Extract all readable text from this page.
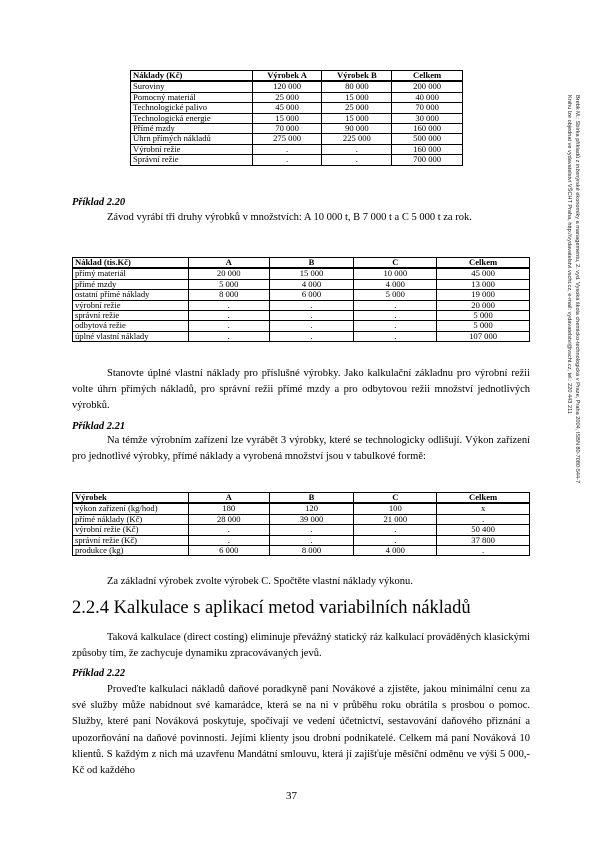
Brebk M.: Sbírka příkladů z inženýrské ekonomiky a managementu, 2. vyd. Vysoká škola chemicko-technologická v Praze, Praha 2004, ISBN 80-7080-544-7
Knihu lze objednat ve vydavatelství VŠCHT Praha, http://vydavatelstvi.vscht.cz, e-mail: vydavatelstvi@vscht.cz, tel.: 220 443 211
Náklady (Kč)	Výrobek A	Výrobek B	Celkem
Suroviny	120 000	80 000	200 000
Pomocný materiál	25 000	15 000	40 000
Technologické palivo	45 000	25 000	70 000
Technologická energie	15 000	15 000	30 000
Přímé mzdy	70 000	90 000	160 000
Úhrn přímých nákladů	275 000	225 000	500 000
Výrobní režie	.	.	160 000
Správní režie	.	.	700 000
Příklad 2.20
Závod vyrábí tři druhy výrobků v množstvích: A 10 000 t, B 7 000 t a C 5 000 t za rok.
Náklad (tis.Kč)	A	B	C	Celkem
přímý materiál	20 000	15 000	10 000	45 000
přímé mzdy	5 000	4 000	4 000	13 000
ostatní přímé náklady	8 000	6 000	5 000	19 000
výrobní režie	.	.	.	20 000
správní režie	.	.	.	5 000
odbytová režie	.	.	.	5 000
úplné vlastní náklady	.	.	.	107 000
Stanovte úplné vlastní náklady pro příslušné výrobky. Jako kalkulační základnu pro výrobní režii volte úhrn přímých nákladů, pro správní režii přímé mzdy a pro odbytovou režii množství jednotlivých výrobků.
Příklad 2.21
Na témže výrobním zařízení lze vyrábět 3 výrobky, které se technologicky odlišují. Výkon zařízení pro jednotlivé výrobky, přímé náklady a vyrobená množství jsou v tabulkové formě:
Výrobek	A	B	C	Celkem
výkon zařízení (kg/hod)	180	120	100	x
přímé náklady (Kč)	28 000	39 000	21 000	.
výrobní režie (Kč)	.	.	.	50 400
správní režie (Kč)	.	.	.	37 800
produkce (kg)	6 000	8 000	4 000	.
Za základní výrobek zvolte výrobek C. Spočtěte vlastní náklady výkonu.
2.2.4 Kalkulace s aplikací metod variabilních nákladů
Taková kalkulace (direct costing) eliminuje převážný statický ráz kalkulací prováděných klasickými způsoby tím, že zachycuje dynamiku zpracovávaných jevů.
Příklad 2.22
Proveďte kalkulaci nákladů daňové poradkyně paní Novákové a zjistěte, jakou minimální cenu za své služby může nabídnout své kamarádce, která se na ni v průběhu roku obrátila s prosbou o pomoc. Služby, které paní Nováková poskytuje, spočívají ve vedení účetnictví, sestavování daňového přiznání a upozorňování na daňové povinnosti. Jejími klienty jsou drobní podnikatelé. Celkem má paní Nováková 10 klientů. S každým z nich má uzavřenu Mandátní smlouvu, která jí zajišťuje měsíční odměnu ve výši 5 000,- Kč od každého
37
